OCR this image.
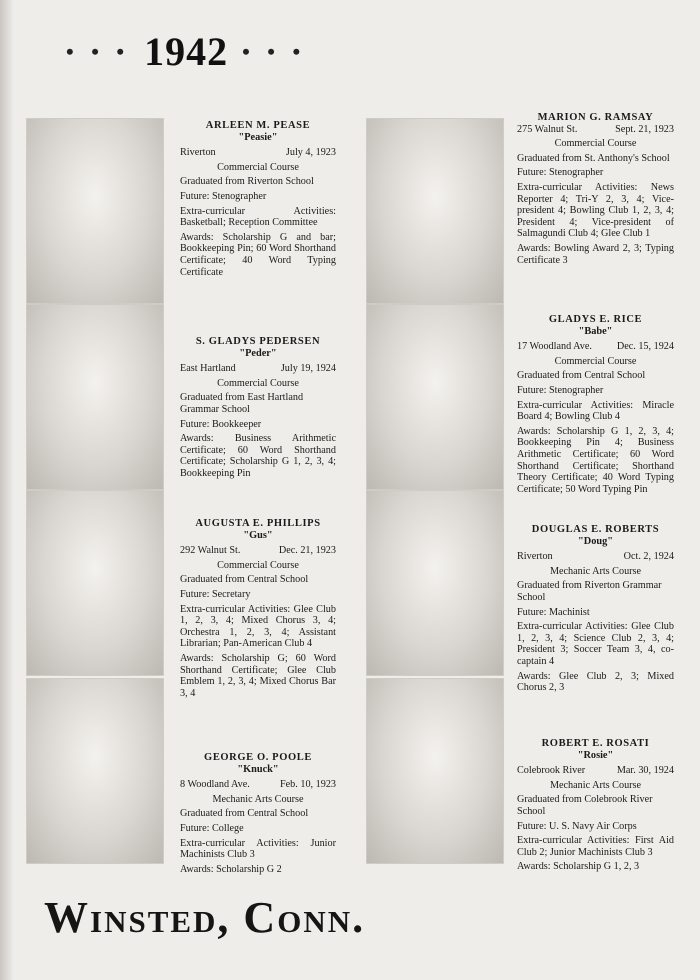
• • • 1942 • • •
ARLEEN M. PEASE
"Peasie"
Riverton	July 4, 1923
Commercial Course
Graduated from Riverton School
Future: Stenographer
Extra-curricular Activities: Basketball; Reception Committee
Awards: Scholarship G and bar; Bookkeeping Pin; 60 Word Shorthand Certificate; 40 Word Typing Certificate
MARION G. RAMSAY
275 Walnut St.	Sept. 21, 1923
Commercial Course
Graduated from St. Anthony's School
Future: Stenographer
Extra-curricular Activities: News Reporter 4; Tri-Y 2, 3, 4; Vice-president 4; Bowling Club 1, 2, 3, 4; President 4; Vice-president of Salmagundi Club 4; Glee Club 1
Awards: Bowling Award 2, 3; Typing Certificate 3
S. GLADYS PEDERSEN
"Peder"
East Hartland	July 19, 1924
Commercial Course
Graduated from East Hartland Grammar School
Future: Bookkeeper
Awards: Business Arithmetic Certificate; 60 Word Shorthand Certificate; Scholarship G 1, 2, 3, 4; Bookkeeping Pin
GLADYS E. RICE
"Babe"
17 Woodland Ave. Dec. 15, 1924
Commercial Course
Graduated from Central School
Future: Stenographer
Extra-curricular Activities: Miracle Board 4; Bowling Club 4
Awards: Scholarship G 1, 2, 3, 4; Bookkeeping Pin 4; Business Arithmetic Certificate; 60 Word Shorthand Certificate; Shorthand Theory Certificate; 40 Word Typing Certificate; 50 Word Typing Pin
AUGUSTA E. PHILLIPS
"Gus"
292 Walnut St.	Dec. 21, 1923
Commercial Course
Graduated from Central School
Future: Secretary
Extra-curricular Activities: Glee Club 1, 2, 3, 4; Mixed Chorus 3, 4; Orchestra 1, 2, 3, 4; Assistant Librarian; Pan-American Club 4
Awards: Scholarship G; 60 Word Shorthand Certificate; Glee Club Emblem 1, 2, 3, 4; Mixed Chorus Bar 3, 4
DOUGLAS E. ROBERTS
"Doug"
Riverton	Oct. 2, 1924
Mechanic Arts Course
Graduated from Riverton Grammar School
Future: Machinist
Extra-curricular Activities: Glee Club 1, 2, 3, 4; Science Club 2, 3, 4; President 3; Soccer Team 3, 4, co-captain 4
Awards: Glee Club 2, 3; Mixed Chorus 2, 3
GEORGE O. POOLE
"Knuck"
8 Woodland Ave.	Feb. 10, 1923
Mechanic Arts Course
Graduated from Central School
Future: College
Extra-curricular Activities: Junior Machinists Club 3
Awards: Scholarship G 2
ROBERT E. ROSATI
"Rosie"
Colebrook River	Mar. 30, 1924
Mechanic Arts Course
Graduated from Colebrook River School
Future: U. S. Navy Air Corps
Extra-curricular Activities: First Aid Club 2; Junior Machinists Club 3
Awards: Scholarship G 1, 2, 3
Winsted, Conn.
